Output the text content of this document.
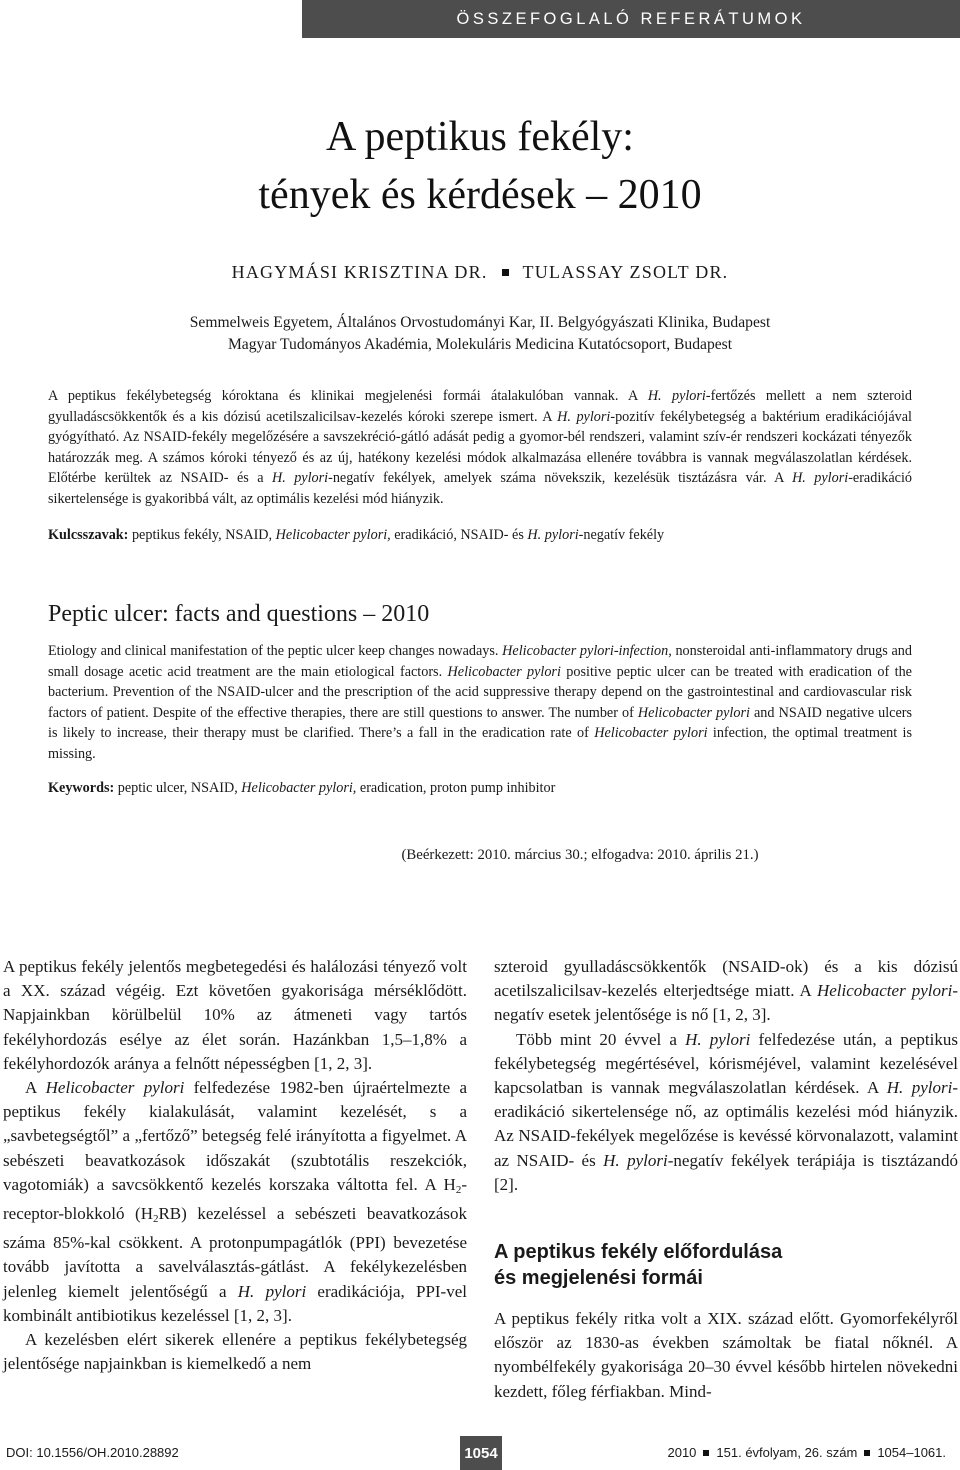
ÖSSZEFOGLALÓ REFERÁTUMOK
A peptikus fekély:
tények és kérdések – 2010
HAGYMÁSI KRISZTINA DR. TULASSAY ZSOLT DR.
Semmelweis Egyetem, Általános Orvostudományi Kar, II. Belgyógyászati Klinika, Budapest
Magyar Tudományos Akadémia, Molekuláris Medicina Kutatócsoport, Budapest
A peptikus fekélybetegség kóroktana és klinikai megjelenési formái átalakulóban vannak. A H. pylori-fertőzés mellett a nem szteroid gyulladáscsökkentők és a kis dózisú acetilszalicilsav-kezelés kóroki szerepe ismert. A H. pylori-pozitív fekélybetegség a baktérium eradikációjával gyógyítható. Az NSAID-fekély megelőzésére a savszekréció-gátló adását pedig a gyomor-bél rendszeri, valamint szív-ér rendszeri kockázati tényezők határozzák meg. A számos kóroki tényező és az új, hatékony kezelési módok alkalmazása ellenére továbbra is vannak megválaszolatlan kérdések. Előtérbe kerültek az NSAID- és a H. pylori-negatív fekélyek, amelyek száma növekszik, kezelésük tisztázásra vár. A H. pylori-eradikáció sikertelensége is gyakoribbá vált, az optimális kezelési mód hiányzik.
Kulcsszavak: peptikus fekély, NSAID, Helicobacter pylori, eradikáció, NSAID- és H. pylori-negatív fekély
Peptic ulcer: facts and questions – 2010
Etiology and clinical manifestation of the peptic ulcer keep changes nowadays. Helicobacter pylori-infection, nonsteroidal anti-inflammatory drugs and small dosage acetic acid treatment are the main etiological factors. Helicobacter pylori positive peptic ulcer can be treated with eradication of the bacterium. Prevention of the NSAID-ulcer and the prescription of the acid suppressive therapy depend on the gastrointestinal and cardiovascular risk factors of patient. Despite of the effective therapies, there are still questions to answer. The number of Helicobacter pylori and NSAID negative ulcers is likely to increase, their therapy must be clarified. There’s a fall in the eradication rate of Helicobacter pylori infection, the optimal treatment is missing.
Keywords: peptic ulcer, NSAID, Helicobacter pylori, eradication, proton pump inhibitor
(Beérkezett: 2010. március 30.; elfogadva: 2010. április 21.)

A peptikus fekély jelentős megbetegedési és halálozási tényező volt a XX. század végéig. Ezt követően gyakorisága mérséklődött. Napjainkban körülbelül 10% az átmeneti vagy tartós fekélyhordozás esélye az élet során. Hazánkban 1,5–1,8% a fekélyhordozók aránya a felnőtt népességben [1, 2, 3].

A Helicobacter pylori felfedezése 1982-ben újraértelmezte a peptikus fekély kialakulását, valamint kezelését, s a „savbetegségtől” a „fertőző” betegség felé irányította a figyelmet. A sebészeti beavatkozások időszakát (szubtotális reszekciók, vagotomiák) a savcsökkentő kezelés korszaka váltotta fel. A $H_2-receptor$-blokkoló $(H_2RB)$ kezeléssel a sebészeti beavatkozások száma 85%-kal csökkent. A protonpumpagátlók (PPI) bevezetése tovább javította a savelválasztás-gátlást. A fekélykezelésben jelenleg kiemelt jelentőségű a H. pylori eradikációja, PPI-vel kombinált antibiotikus kezeléssel [1, 2, 3].

A kezelésben elért sikerek ellenére a peptikus fekélybetegség jelentősége napjainkban is kiemelkedő a nem

szteroid gyulladáscsökkentők (NSAID-ok) és a kis dózisú acetilszalicilsav-kezelés elterjedtsége miatt. A Helicobacter pylori-negatív esetek jelentősége is nő [1, 2, 3].

Több mint 20 évvel a H. pylori felfedezése után, a peptikus fekélybetegség megértésével, kórisméjével, valamint kezelésével kapcsolatban is vannak megválaszolatlan kérdések. A H. pylori-eradikáció sikertelensége nő, az optimális kezelési mód hiányzik. Az NSAID-fekélyek megelőzése is kevéssé körvonalazott, valamint az NSAID- és H. pylori-negatív fekélyek terápiája is tisztázandó [2].

A peptikus fekély előfordulása
és megjelenési formái

A peptikus fekély ritka volt a XIX. század előtt. Gyomorfekélyről először az 1830-as években számoltak be fiatal nőknél. A nyombélfekély gyakorisága 20–30 évvel később hirtelen növekedni kezdett, főleg férfiakban. Mind-

DOI: 10.1556/OH.2010.28892	1054	2010 151. évfolyam, 26. szám 1054–1061.
